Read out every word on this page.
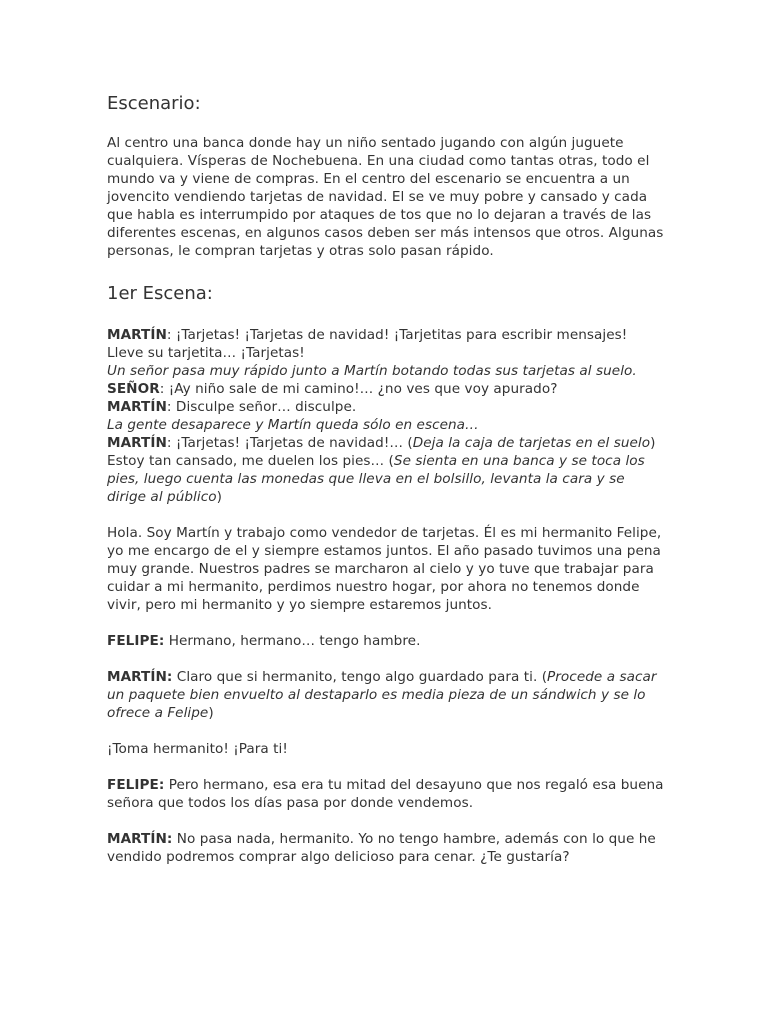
Escenario:

Al centro una banca donde hay un niño sentado jugando con algún juguete cualquiera. Vísperas de Nochebuena. En una ciudad como tantas otras, todo el mundo va y viene de compras. En el centro del escenario se encuentra a un jovencito vendiendo tarjetas de navidad. El se ve muy pobre y cansado y cada que habla es interrumpido por ataques de tos que no lo dejaran a través de las diferentes escenas, en algunos casos deben ser más intensos que otros. Algunas personas, le compran tarjetas y otras solo pasan rápido.

1er Escena:

MARTÍN: ¡Tarjetas! ¡Tarjetas de navidad! ¡Tarjetitas para escribir mensajes! Lleve su tarjetita… ¡Tarjetas!
Un señor pasa muy rápido junto a Martín botando todas sus tarjetas al suelo.
SEÑOR: ¡Ay niño sale de mi camino!… ¿no ves que voy apurado?
MARTÍN: Disculpe señor… disculpe.
La gente desaparece y Martín queda sólo en escena…
MARTÍN: ¡Tarjetas! ¡Tarjetas de navidad!… (Deja la caja de tarjetas en el suelo) Estoy tan cansado, me duelen los pies… (Se sienta en una banca y se toca los pies, luego cuenta las monedas que lleva en el bolsillo, levanta la cara y se dirige al público)

Hola. Soy Martín y trabajo como vendedor de tarjetas. Él es mi hermanito Felipe, yo me encargo de el y siempre estamos juntos. El año pasado tuvimos una pena muy grande. Nuestros padres se marcharon al cielo y yo tuve que trabajar para cuidar a mi hermanito, perdimos nuestro hogar, por ahora no tenemos donde vivir, pero mi hermanito y yo siempre estaremos juntos.

FELIPE: Hermano, hermano… tengo hambre.

MARTÍN: Claro que si hermanito, tengo algo guardado para ti. (Procede a sacar un paquete bien envuelto al destaparlo es media pieza de un sándwich y se lo ofrece a Felipe)

¡Toma hermanito! ¡Para ti!

FELIPE: Pero hermano, esa era tu mitad del desayuno que nos regaló esa buena señora que todos los días pasa por donde vendemos.

MARTÍN: No pasa nada, hermanito. Yo no tengo hambre, además con lo que he vendido podremos comprar algo delicioso para cenar. ¿Te gustaría?
